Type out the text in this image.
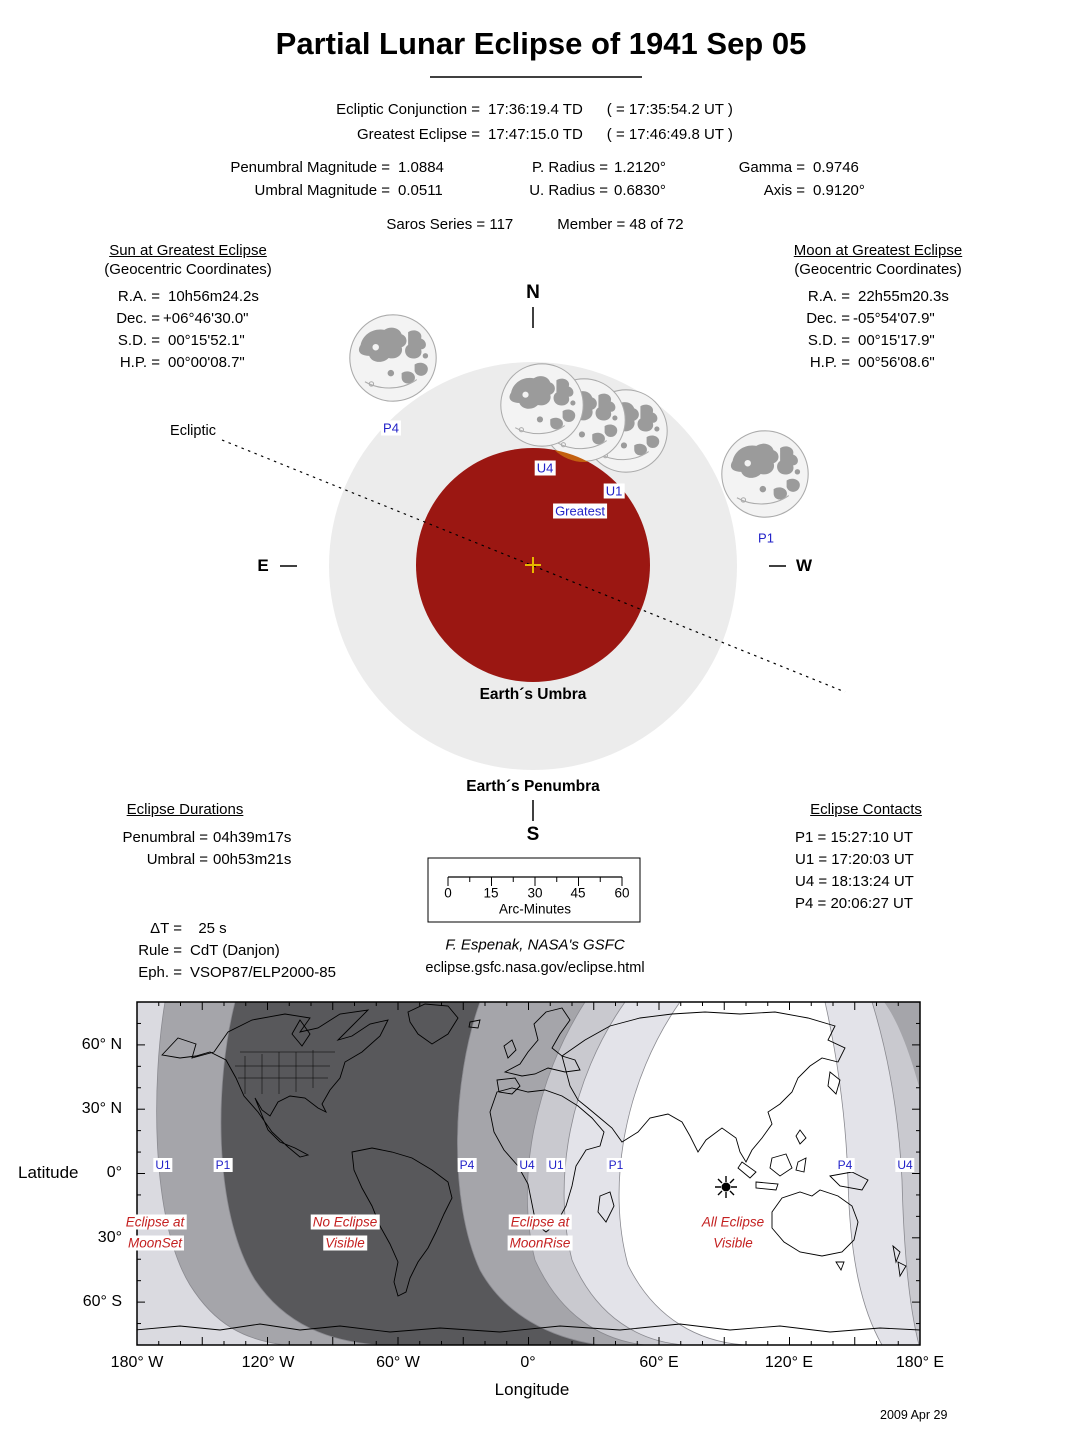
Partial Lunar Eclipse of 1941 Sep 05
Ecliptic Conjunction = 17:36:19.4 TD ( = 17:35:54.2 UT )
Greatest Eclipse = 17:47:15.0 TD ( = 17:46:49.8 UT )
Penumbral Magnitude = 1.0884
Umbral Magnitude = 0.0511
P. Radius = 1.2120°
U. Radius = 0.6830°
Gamma = 0.9746
Axis = 0.9120°
Saros Series = 117	Member = 48 of 72
Sun at Greatest Eclipse
(Geocentric Coordinates)
R.A. = 10h56m24.2s
Dec. = +06°46'30.0"
S.D. = 00°15'52.1"
H.P. = 00°00'08.7"
Moon at Greatest Eclipse
(Geocentric Coordinates)
R.A. = 22h55m20.3s
Dec. = -05°54'07.9"
S.D. = 00°15'17.9"
H.P. = 00°56'08.6"
N
E	W
S
Ecliptic	P4
U4
U1
Greatest
P1
Earth´s Umbra
Earth´s Penumbra
Eclipse Durations
Penumbral = 04h39m17s
Umbral = 00h53m21s
Eclipse Contacts
P1 = 15:27:10 UT
U1 = 17:20:03 UT
U4 = 18:13:24 UT
P4 = 20:06:27 UT
ΔT = 25 s
Rule = CdT (Danjon)
Eph. = VSOP87/ELP2000-85
0 15 30 45 60
Arc-Minutes
F. Espenak, NASA's GSFC
eclipse.gsfc.nasa.gov/eclipse.html
Latitude
60° N
30° N
0°
30°
60° S
180° W	120° W	60° W	0°	60° E	120° E	180° E
Longitude
U1	P1	P4	U4 U1	P1	P4	U4
Eclipse at
MoonSet
No Eclipse
Visible
Eclipse at
MoonRise
All Eclipse
Visible
2009 Apr 29
